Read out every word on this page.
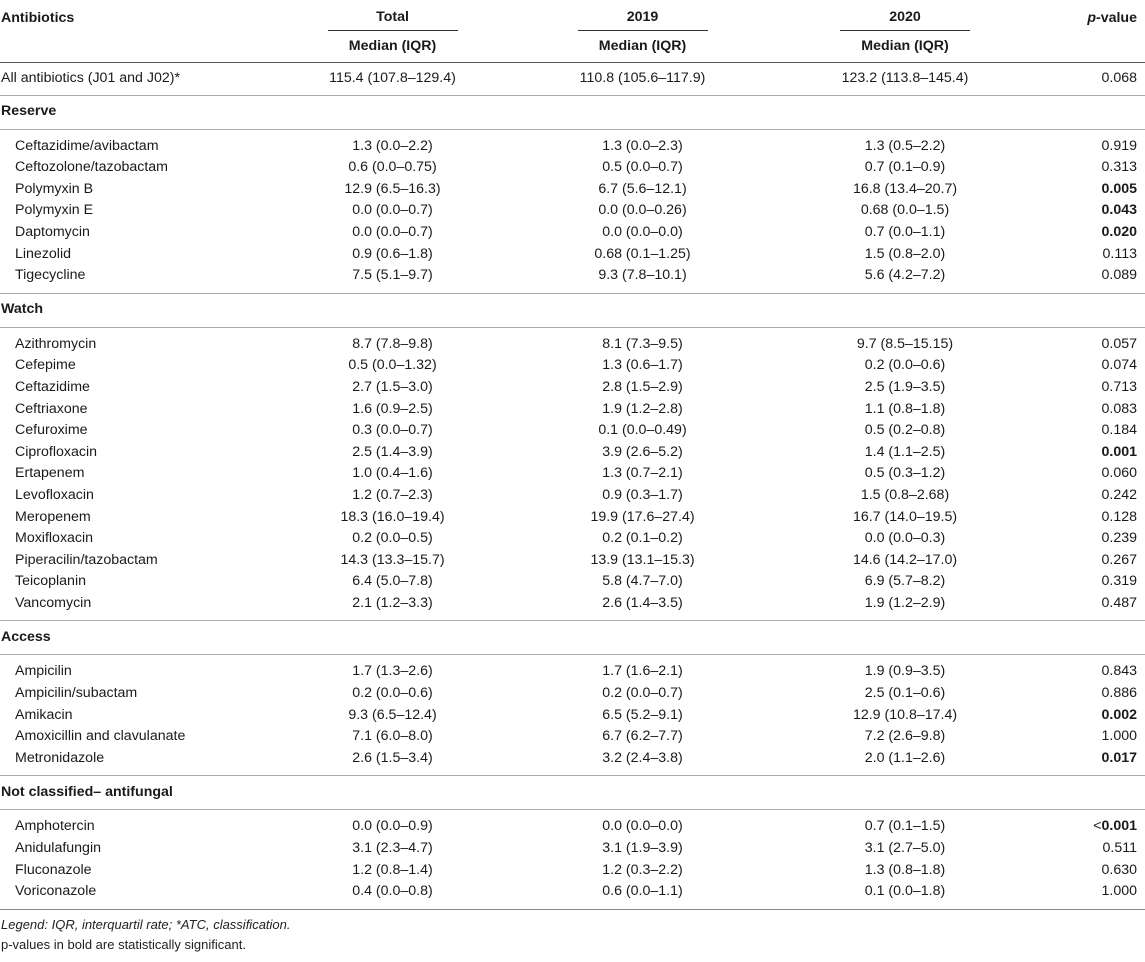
Antibiotics	Total	2019	2020	p-value
	Median (IQR)	Median (IQR)	Median (IQR)	
All antibiotics (J01 and J02)*	115.4 (107.8–129.4)	110.8 (105.6–117.9)	123.2 (113.8–145.4)	0.068
Reserve				

Ceftazidime/avibactam	1.3 (0.0–2.2)	1.3 (0.0–2.3)	1.3 (0.5–2.2)	0.919
Ceftozolone/tazobactam	0.6 (0.0–0.75)	0.5 (0.0–0.7)	0.7 (0.1–0.9)	0.313
Polymyxin B	12.9 (6.5–16.3)	6.7 (5.6–12.1)	16.8 (13.4–20.7)	0.005
Polymyxin E	0.0 (0.0–0.7)	0.0 (0.0–0.26)	0.68 (0.0–1.5)	0.043
Daptomycin	0.0 (0.0–0.7)	0.0 (0.0–0.0)	0.7 (0.0–1.1)	0.020
Linezolid	0.9 (0.6–1.8)	0.68 (0.1–1.25)	1.5 (0.8–2.0)	0.113
Tigecycline	7.5 (5.1–9.7)	9.3 (7.8–10.1)	5.6 (4.2–7.2)	0.089

Watch				

Azithromycin	8.7 (7.8–9.8)	8.1 (7.3–9.5)	9.7 (8.5–15.15)	0.057
Cefepime	0.5 (0.0–1.32)	1.3 (0.6–1.7)	0.2 (0.0–0.6)	0.074
Ceftazidime	2.7 (1.5–3.0)	2.8 (1.5–2.9)	2.5 (1.9–3.5)	0.713
Ceftriaxone	1.6 (0.9–2.5)	1.9 (1.2–2.8)	1.1 (0.8–1.8)	0.083
Cefuroxime	0.3 (0.0–0.7)	0.1 (0.0–0.49)	0.5 (0.2–0.8)	0.184
Ciprofloxacin	2.5 (1.4–3.9)	3.9 (2.6–5.2)	1.4 (1.1–2.5)	0.001
Ertapenem	1.0 (0.4–1.6)	1.3 (0.7–2.1)	0.5 (0.3–1.2)	0.060
Levofloxacin	1.2 (0.7–2.3)	0.9 (0.3–1.7)	1.5 (0.8–2.68)	0.242
Meropenem	18.3 (16.0–19.4)	19.9 (17.6–27.4)	16.7 (14.0–19.5)	0.128
Moxifloxacin	0.2 (0.0–0.5)	0.2 (0.1–0.2)	0.0 (0.0–0.3)	0.239
Piperacilin/tazobactam	14.3 (13.3–15.7)	13.9 (13.1–15.3)	14.6 (14.2–17.0)	0.267
Teicoplanin	6.4 (5.0–7.8)	5.8 (4.7–7.0)	6.9 (5.7–8.2)	0.319
Vancomycin	2.1 (1.2–3.3)	2.6 (1.4–3.5)	1.9 (1.2–2.9)	0.487

Access				

Ampicilin	1.7 (1.3–2.6)	1.7 (1.6–2.1)	1.9 (0.9–3.5)	0.843
Ampicilin/subactam	0.2 (0.0–0.6)	0.2 (0.0–0.7)	2.5 (0.1–0.6)	0.886
Amikacin	9.3 (6.5–12.4)	6.5 (5.2–9.1)	12.9 (10.8–17.4)	0.002
Amoxicillin and clavulanate	7.1 (6.0–8.0)	6.7 (6.2–7.7)	7.2 (2.6–9.8)	1.000
Metronidazole	2.6 (1.5–3.4)	3.2 (2.4–3.8)	2.0 (1.1–2.6)	0.017

Not classified– antifungal				

Amphotercin	0.0 (0.0–0.9)	0.0 (0.0–0.0)	0.7 (0.1–1.5)	<0.001
Anidulafungin	3.1 (2.3–4.7)	3.1 (1.9–3.9)	3.1 (2.7–5.0)	0.511
Fluconazole	1.2 (0.8–1.4)	1.2 (0.3–2.2)	1.3 (0.8–1.8)	0.630
Voriconazole	0.4 (0.0–0.8)	0.6 (0.0–1.1)	0.1 (0.0–1.8)	1.000

Legend: IQR, interquartil rate; *ATC, classification.
p-values in bold are statistically significant.
